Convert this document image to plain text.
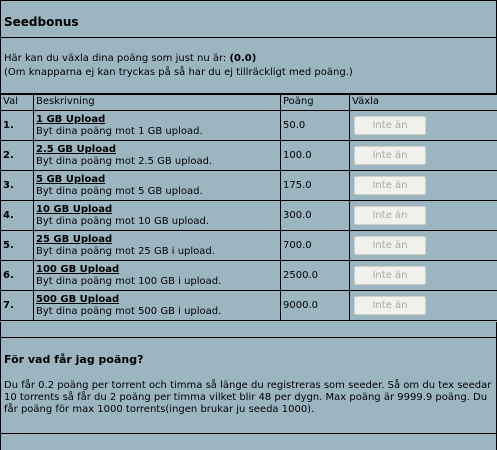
Seedbonus
Här kan du växla dina poäng som just nu är: (0.0)
(Om knapparna ej kan tryckas på så har du ej tillräckligt med poäng.)
Val	Beskrivning	Poäng	Växla
1.	1 GB Upload
Byt dina poäng mot 1 GB upload.	50.0	Inte än
2.	2.5 GB Upload
Byt dina poäng mot 2.5 GB upload.	100.0	Inte än
3.	5 GB Upload
Byt dina poäng mot 5 GB upload.	175.0	Inte än
4.	10 GB Upload
Byt dina poäng mot 10 GB upload.	300.0	Inte än
5.	25 GB Upload
Byt dina poäng mot 25 GB i upload.	700.0	Inte än
6.	100 GB Upload
Byt dina poäng mot 100 GB i upload.	2500.0	Inte än
7.	500 GB Upload
Byt dina poäng mot 500 GB i upload.	9000.0	Inte än
För vad får jag poäng?
Du får 0.2 poäng per torrent och timma så länge du registreras som seeder. Så om du tex seedar 10 torrents så får du 2 poäng per timma vilket blir 48 per dygn. Max poäng är 9999.9 poäng. Du får poäng för max 1000 torrents(ingen brukar ju seeda 1000).
